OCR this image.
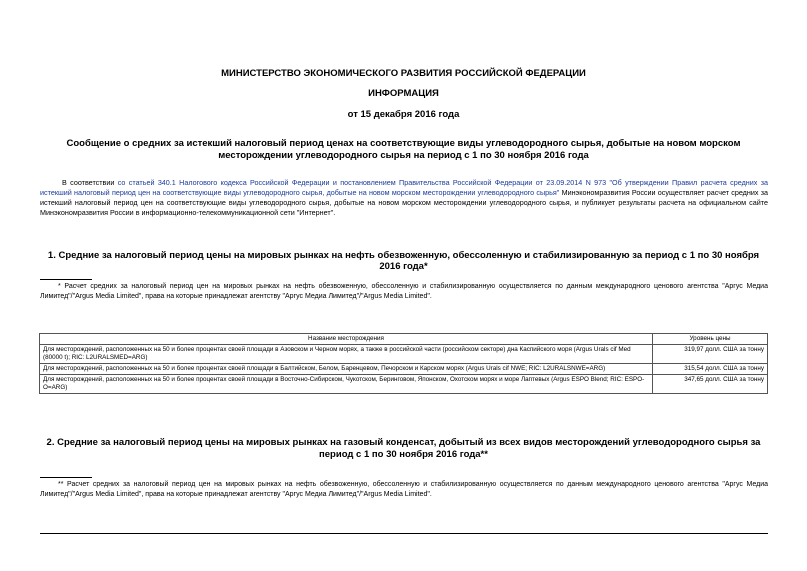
МИНИСТЕРСТВО ЭКОНОМИЧЕСКОГО РАЗВИТИЯ РОССИЙСКОЙ ФЕДЕРАЦИИ
ИНФОРМАЦИЯ
от 15 декабря 2016 года
Сообщение о средних за истекший налоговый период ценах на соответствующие виды углеводородного сырья, добытые на новом морском месторождении углеводородного сырья на период с 1 по 30 ноября 2016 года
В соответствии со статьей 340.1 Налогового кодекса Российской Федерации и постановлением Правительства Российской Федерации от 23.09.2014 N 973 "Об утверждении Правил расчета средних за истекший налоговый период цен на соответствующие виды углеводородного сырья, добытые на новом морском месторождении углеводородного сырья" Минэкономразвития России осуществляет расчет средних за истекший налоговый период цен на соответствующие виды углеводородного сырья, добытые на новом морском месторождении углеводородного сырья, и публикует результаты расчета на официальном сайте Минэкономразвития России в информационно-телекоммуникационной сети "Интернет".
1. Средние за налоговый период цены на мировых рынках на нефть обезвоженную, обессоленную и стабилизированную за период с 1 по 30 ноября 2016 года*
* Расчет средних за налоговый период цен на мировых рынках на нефть обезвоженную, обессоленную и стабилизированную осуществляется по данным международного ценового агентства "Аргус Медиа Лимитед"/"Argus Media Limited", права на которые принадлежат агентству "Аргус Медиа Лимитед"/"Argus Media Limited".
Название месторождения	Уровень цены
Для месторождений, расположенных на 50 и более процентах своей площади в Азовском и Черном морях, а также в российской части (российском секторе) дна Каспийского моря (Argus Urals cif Med (80000 t); RIC: L2URALSMED=ARG)	319,97 долл. США за тонну
Для месторождений, расположенных на 50 и более процентах своей площади в Балтийском, Белом, Баренцевом, Печорском и Карском морях (Argus Urals cif NWE; RIC: L2URALSNWE=ARG)	315,54 долл. США за тонну
Для месторождений, расположенных на 50 и более процентах своей площади в Восточно-Сибирском, Чукотском, Беринговом, Японском, Охотском морях и море Лаптевых (Argus ESPO Blend; RIC: ESPO-O=ARG)	347,65 долл. США за тонну
2. Средние за налоговый период цены на мировых рынках на газовый конденсат, добытый из всех видов месторождений углеводородного сырья за период с 1 по 30 ноября 2016 года**
** Расчет средних за налоговый период цен на мировых рынках на нефть обезвоженную, обессоленную и стабилизированную осуществляется по данным международного ценового агентства "Аргус Медиа Лимитед"/"Argus Media Limited", права на которые принадлежат агентству "Аргус Медиа Лимитед"/"Argus Media Limited".
